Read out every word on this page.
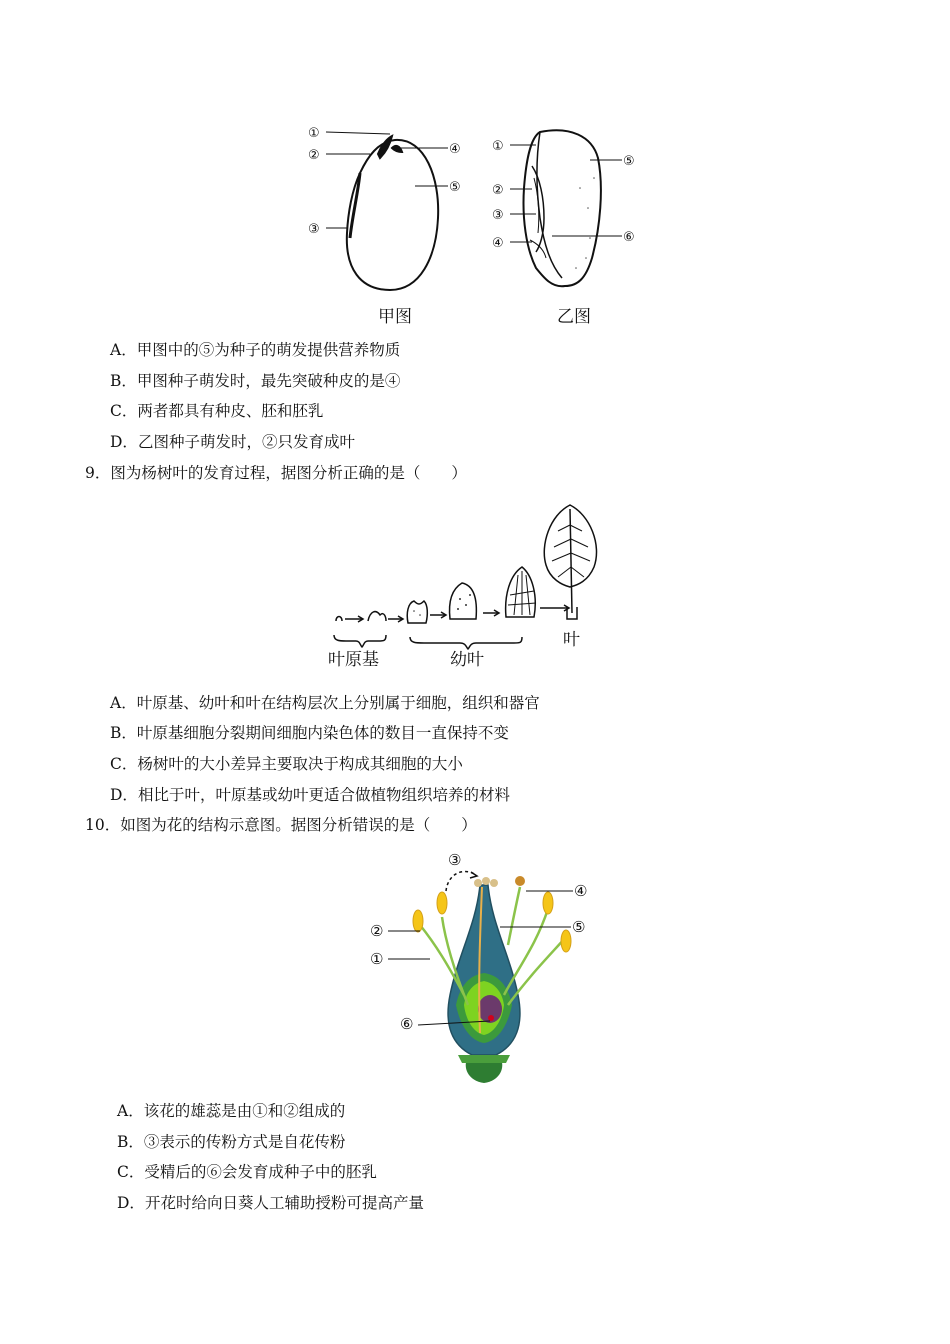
①
②
③
④
⑤
①
②
③
④
⑤
⑥
甲图	乙图
A．甲图中的⑤为种子的萌发提供营养物质
B．甲图种子萌发时，最先突破种皮的是④
C．两者都具有种皮、胚和胚乳
D．乙图种子萌发时，②只发育成叶
9．图为杨树叶的发育过程，据图分析正确的是（　　）
叶原基	幼叶
叶
A．叶原基、幼叶和叶在结构层次上分别属于细胞，组织和器官
B．叶原基细胞分裂期间细胞内染色体的数目一直保持不变
C．杨树叶的大小差异主要取决于构成其细胞的大小
D．相比于叶，叶原基或幼叶更适合做植物组织培养的材料
10．如图为花的结构示意图。据图分析错误的是（　　）
③
④
⑤
②
①
⑥
A．该花的雄蕊是由①和②组成的
B．③表示的传粉方式是自花传粉
C．受精后的⑥会发育成种子中的胚乳
D．开花时给向日葵人工辅助授粉可提高产量
